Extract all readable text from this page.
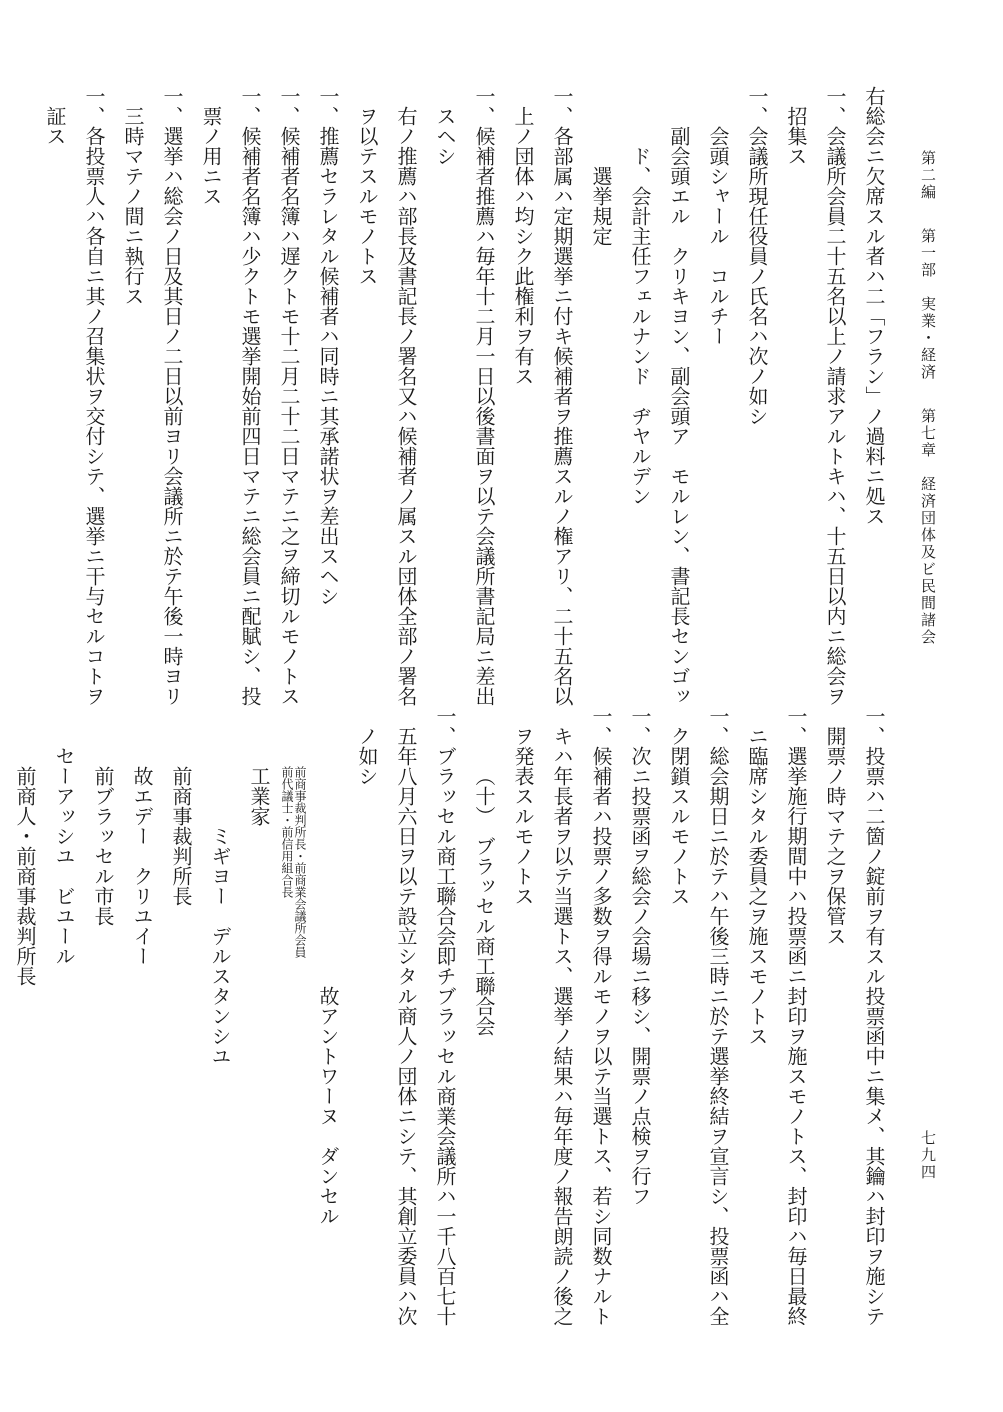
第二編 第一部　実業・経済 第七章　経済団体及ビ民間諸会
七九四
右総会ニ欠席スル者ハ二「フラン」ノ過料ニ処ス
一、会議所会員二十五名以上ノ請求アルトキハ、十五日以内ニ総会ヲ
招集ス
一、会議所現任役員ノ氏名ハ次ノ如シ
会頭シャール　コルチー
副会頭エル　クリキヨン、副会頭ア　モルレン、書記長センゴッ
ド、会計主任フェルナンド　ヂヤルデン
選挙規定
一、各部属ハ定期選挙ニ付キ候補者ヲ推薦スルノ権アリ、二十五名以
上ノ団体ハ均シク此権利ヲ有ス
一、候補者推薦ハ毎年十二月一日以後書面ヲ以テ会議所書記局ニ差出
スヘシ
右ノ推薦ハ部長及書記長ノ署名又ハ候補者ノ属スル団体全部ノ署名
ヲ以テスルモノトス
一、推薦セラレタル候補者ハ同時ニ其承諾状ヲ差出スヘシ
一、候補者名簿ハ遅クトモ十二月二十二日マテニ之ヲ締切ルモノトス
一、候補者名簿ハ少クトモ選挙開始前四日マテニ総会員ニ配賦シ、投
票ノ用ニス
一、選挙ハ総会ノ日及其日ノ二日以前ヨリ会議所ニ於テ午後一時ヨリ
三時マテノ間ニ執行ス
一、各投票人ハ各自ニ其ノ召集状ヲ交付シテ、選挙ニ干与セルコトヲ
証ス
一、投票ハ二箇ノ錠前ヲ有スル投票函中ニ集メ、其鑰ハ封印ヲ施シテ
開票ノ時マテ之ヲ保管ス
一、選挙施行期間中ハ投票函ニ封印ヲ施スモノトス、封印ハ毎日最終
ニ臨席シタル委員之ヲ施スモノトス
一、総会期日ニ於テハ午後三時ニ於テ選挙終結ヲ宣言シ、投票函ハ全
ク閉鎖スルモノトス
一、次ニ投票函ヲ総会ノ会場ニ移シ、開票ノ点検ヲ行フ
一、候補者ハ投票ノ多数ヲ得ルモノヲ以テ当選トス、若シ同数ナルト
キハ年長者ヲ以テ当選トス、選挙ノ結果ハ毎年度ノ報告朗読ノ後之
ヲ発表スルモノトス
（十）　ブラッセル商工聯合会
一、ブラッセル商工聯合会即チブラッセル商業会議所ハ一千八百七十
五年八月六日ヲ以テ設立シタル商人ノ団体ニシテ、其創立委員ハ次
ノ如シ
故アントワーヌ　ダンセル
前商事裁判所長・前商業会議所会員
前代議士・前信用組合長
工業家
ミギヨー　デルスタンシユ
前商事裁判所長
故エデー　クリユイー
前ブラッセル市長
セーアッシユ　ビユール
前商人・前商事裁判所長
